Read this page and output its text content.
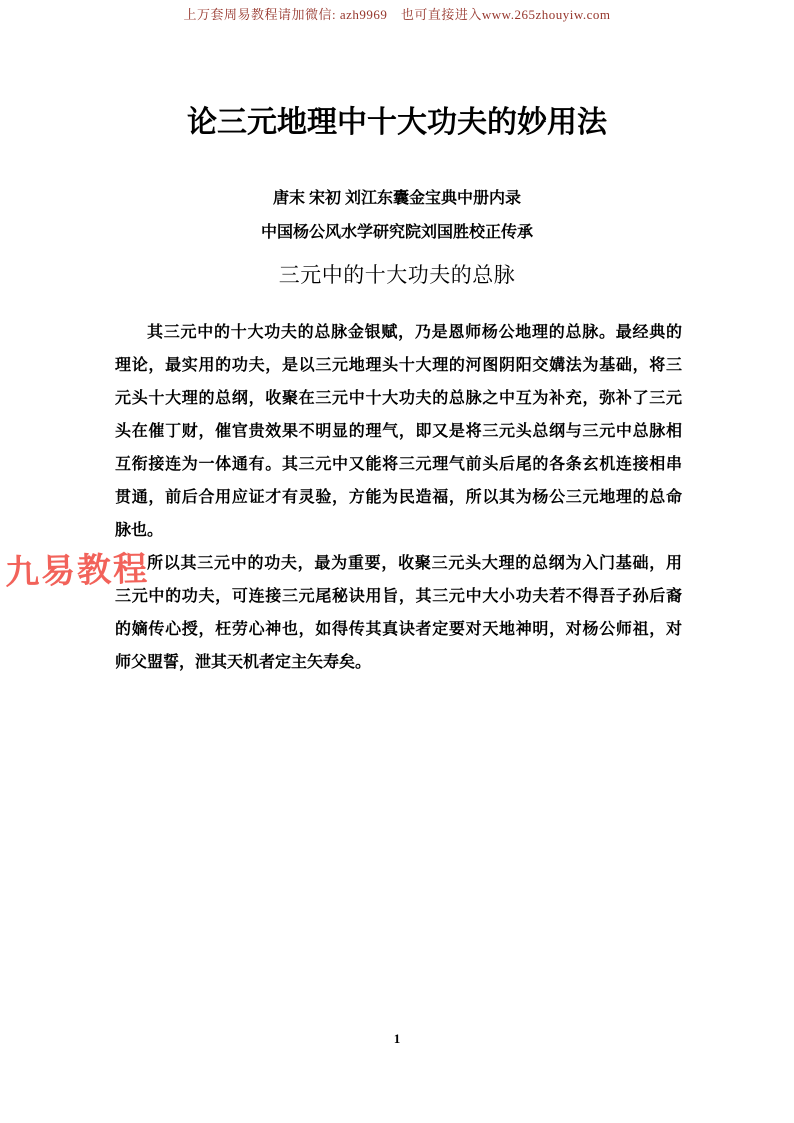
上万套周易教程请加微信: azh9969　也可直接进入www.265zhouyiw.com
论三元地理中十大功夫的妙用法
唐末 宋初 刘江东囊金宝典中册内录
中国杨公风水学研究院刘国胜校正传承
三元中的十大功夫的总脉
九易教程
其三元中的十大功夫的总脉金银赋，乃是恩师杨公地理的总脉。最经典的
理论，最实用的功夫，是以三元地理头十大理的河图阴阳交媾法为基础，将三
元头十大理的总纲，收聚在三元中十大功夫的总脉之中互为补充，弥补了三元
头在催丁财，催官贵效果不明显的理气，即又是将三元头总纲与三元中总脉相
互衔接连为一体通有。其三元中又能将三元理气前头后尾的各条玄机连接相串
贯通，前后合用应证才有灵验，方能为民造福，所以其为杨公三元地理的总命
脉也。
所以其三元中的功夫，最为重要，收聚三元头大理的总纲为入门基础，用
三元中的功夫，可连接三元尾秘诀用旨，其三元中大小功夫若不得吾子孙后裔
的嫡传心授，枉劳心神也，如得传其真诀者定要对天地神明，对杨公师祖，对
师父盟誓，泄其天机者定主矢寿矣。
1
